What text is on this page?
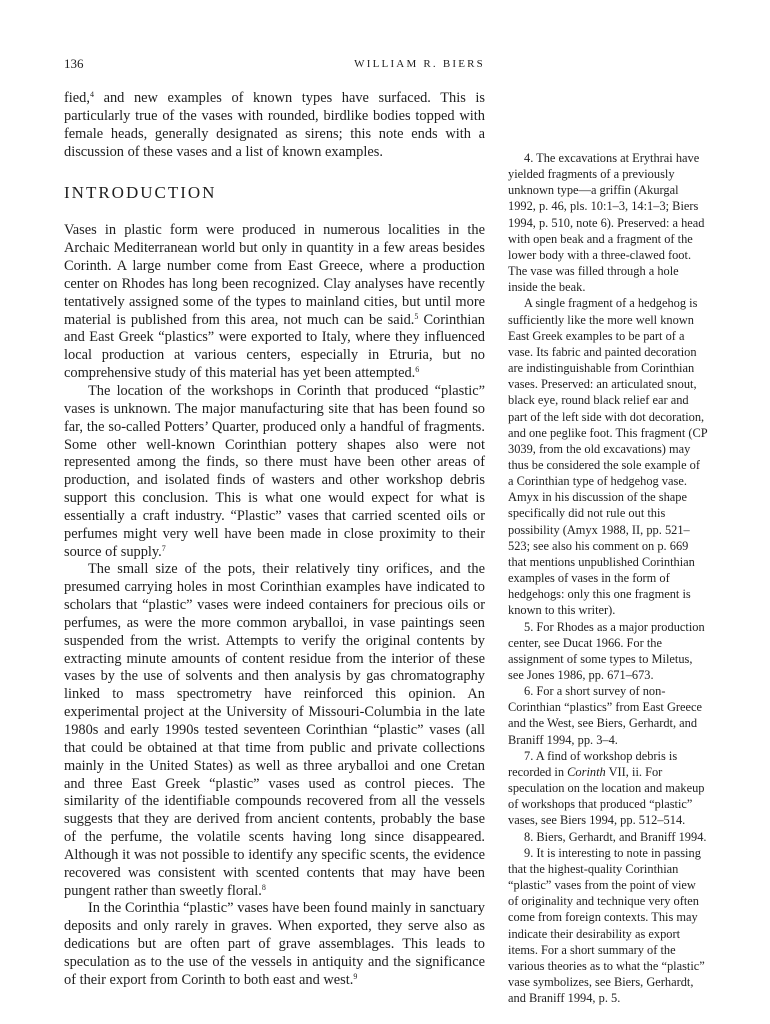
136	WILLIAM R. BIERS

fied,$^4$ and new examples of known types have surfaced. This is particularly true of the vases with rounded, birdlike bodies topped with female heads, generally designated as sirens; this note ends with a discussion of these vases and a list of known examples.

INTRODUCTION

Vases in plastic form were produced in numerous localities in the Archaic Mediterranean world but only in quantity in a few areas besides Corinth. A large number come from East Greece, where a production center on Rhodes has long been recognized. Clay analyses have recently tentatively assigned some of the types to mainland cities, but until more material is published from this area, not much can be said.$^5$ Corinthian and East Greek “plastics” were exported to Italy, where they influenced local production at various centers, especially in Etruria, but no comprehensive study of this material has yet been attempted.$^6$

The location of the workshops in Corinth that produced “plastic” vases is unknown. The major manufacturing site that has been found so far, the so-called Potters’ Quarter, produced only a handful of fragments. Some other well-known Corinthian pottery shapes also were not represented among the finds, so there must have been other areas of production, and isolated finds of wasters and other workshop debris support this conclusion. This is what one would expect for what is essentially a craft industry. “Plastic” vases that carried scented oils or perfumes might very well have been made in close proximity to their source of supply.$^7$

The small size of the pots, their relatively tiny orifices, and the presumed carrying holes in most Corinthian examples have indicated to scholars that “plastic” vases were indeed containers for precious oils or perfumes, as were the more common aryballoi, in vase paintings seen suspended from the wrist. Attempts to verify the original contents by extracting minute amounts of content residue from the interior of these vases by the use of solvents and then analysis by gas chromatography linked to mass spectrometry have reinforced this opinion. An experimental project at the University of Missouri-Columbia in the late 1980s and early 1990s tested seventeen Corinthian “plastic” vases (all that could be obtained at that time from public and private collections mainly in the United States) as well as three aryballoi and one Cretan and three East Greek “plastic” vases used as control pieces. The similarity of the identifiable compounds recovered from all the vessels suggests that they are derived from ancient contents, probably the base of the perfume, the volatile scents having long since disappeared. Although it was not possible to identify any specific scents, the evidence recovered was consistent with scented contents that may have been pungent rather than sweetly floral.$^8$

In the Corinthia “plastic” vases have been found mainly in sanctuary deposits and only rarely in graves. When exported, they serve also as dedications but are often part of grave assemblages. This leads to speculation as to the use of the vessels in antiquity and the significance of their export from Corinth to both east and west.$^9$

4. The excavations at Erythrai have yielded fragments of a previously unknown type—a griffin (Akurgal 1992, p. 46, pls. 10:1–3, 14:1–3; Biers 1994, p. 510, note 6). Preserved: a head with open beak and a fragment of the lower body with a three-clawed foot. The vase was filled through a hole inside the beak.

A single fragment of a hedgehog is sufficiently like the more well known East Greek examples to be part of a vase. Its fabric and painted decoration are indistinguishable from Corinthian vases. Preserved: an articulated snout, black eye, round black relief ear and part of the left side with dot decoration, and one peglike foot. This fragment (CP 3039, from the old excavations) may thus be considered the sole example of a Corinthian type of hedgehog vase. Amyx in his discussion of the shape specifically did not rule out this possibility (Amyx 1988, II, pp. 521–523; see also his comment on p. 669 that mentions unpublished Corinthian examples of vases in the form of hedgehogs: only this one fragment is known to this writer).

5. For Rhodes as a major production center, see Ducat 1966. For the assignment of some types to Miletus, see Jones 1986, pp. 671–673.

6. For a short survey of non-Corinthian “plastics” from East Greece and the West, see Biers, Gerhardt, and Braniff 1994, pp. 3–4.

7. A find of workshop debris is recorded in Corinth VII, ii. For speculation on the location and makeup of workshops that produced “plastic” vases, see Biers 1994, pp. 512–514.

8. Biers, Gerhardt, and Braniff 1994.

9. It is interesting to note in passing that the highest-quality Corinthian “plastic” vases from the point of view of originality and technique very often come from foreign contexts. This may indicate their desirability as export items. For a short summary of the various theories as to what the “plastic” vase symbolizes, see Biers, Gerhardt, and Braniff 1994, p. 5.
